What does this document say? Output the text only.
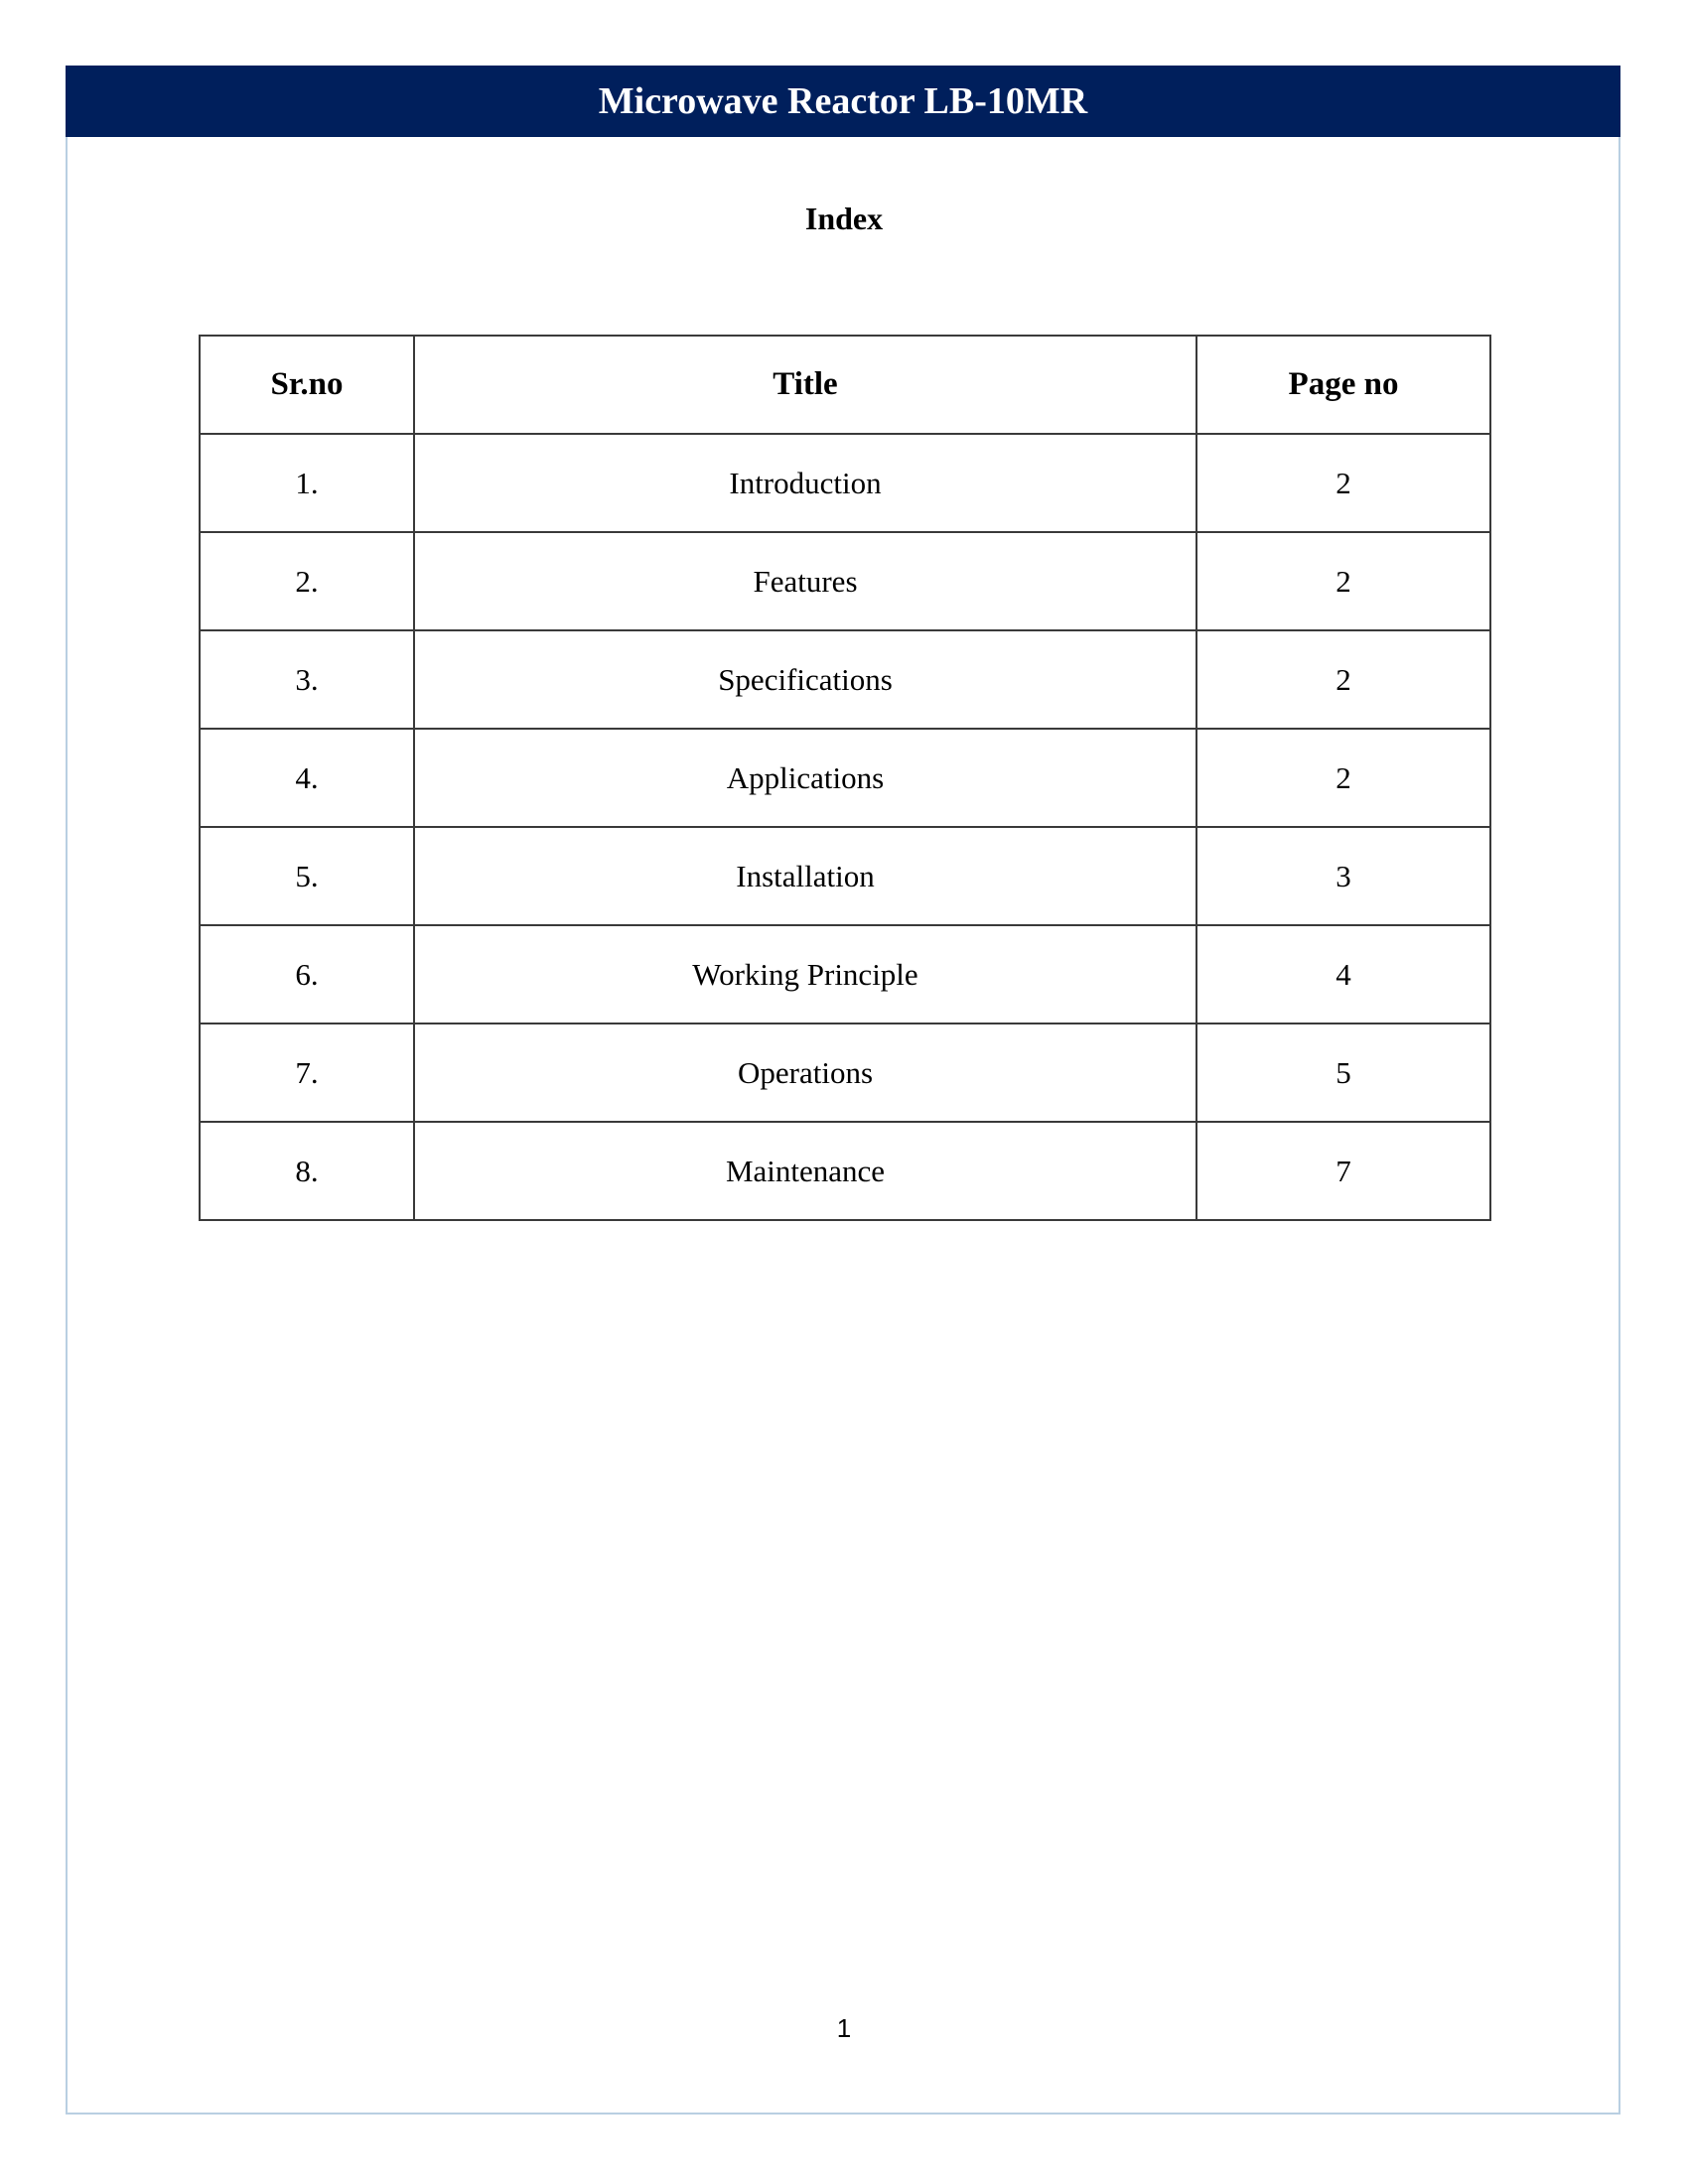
Microwave Reactor LB-10MR
Index
Sr.no	Title	Page no
1.	Introduction	2
2.	Features	2
3.	Specifications	2
4.	Applications	2
5.	Installation	3
6.	Working Principle	4
7.	Operations	5
8.	Maintenance	7
1
